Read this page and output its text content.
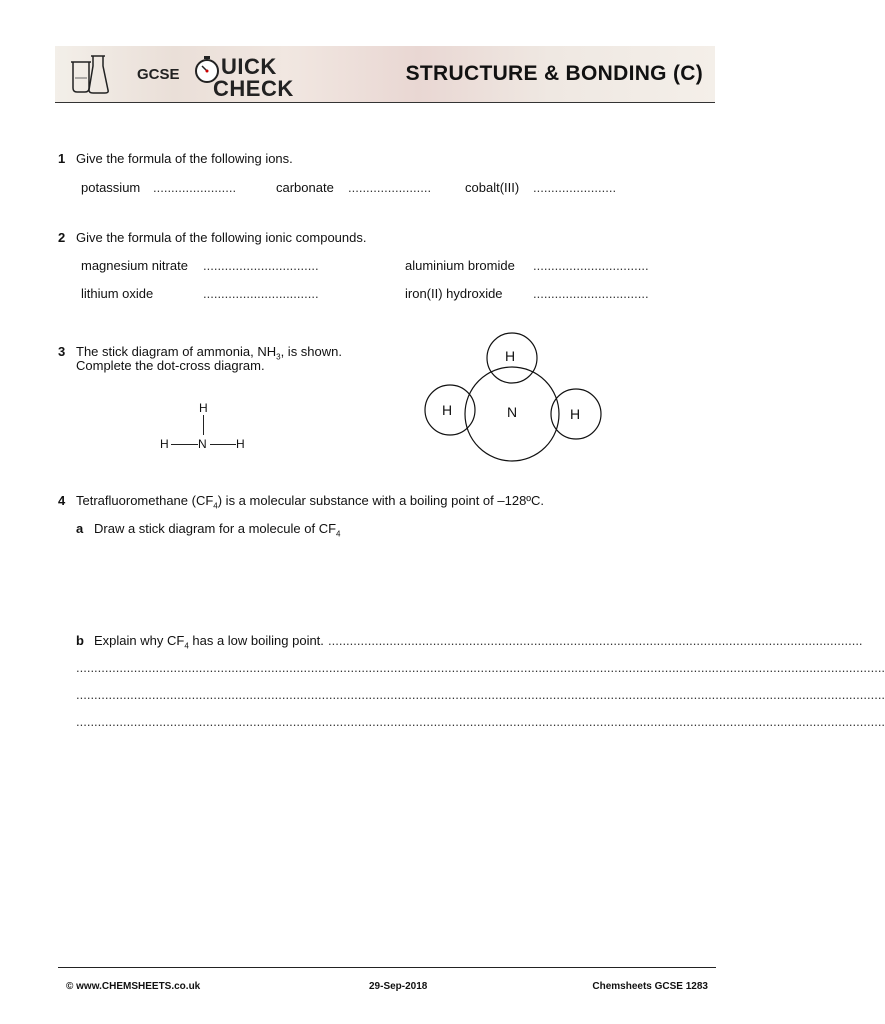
GCSE UICK
CHECK
STRUCTURE & BONDING (C)
1 Give the formula of the following ions.
potassium .......................	carbonate .......................	cobalt(III) .......................
2 Give the formula of the following ionic compounds.
magnesium nitrate ................................	aluminium bromide ................................
lithium oxide	................................	iron(II) hydroxide ................................
3 The stick diagram of ammonia, $NH_3$, is shown.
Complete the dot-cross diagram.
H
H N H
H
H	N	H
4 Tetrafluoromethane $(CF_4)$ is a molecular substance with a boiling point of –128ºC.
a Draw a stick diagram for a molecule of $CF_4$
b Explain why $CF_4$ has a low boiling point. ....................................................................................................................................................
................................................................................................................................................................................................................................
................................................................................................................................................................................................................................
................................................................................................................................................................................................................................
© www.CHEMSHEETS.co.uk	29-Sep-2018	Chemsheets GCSE 1283
